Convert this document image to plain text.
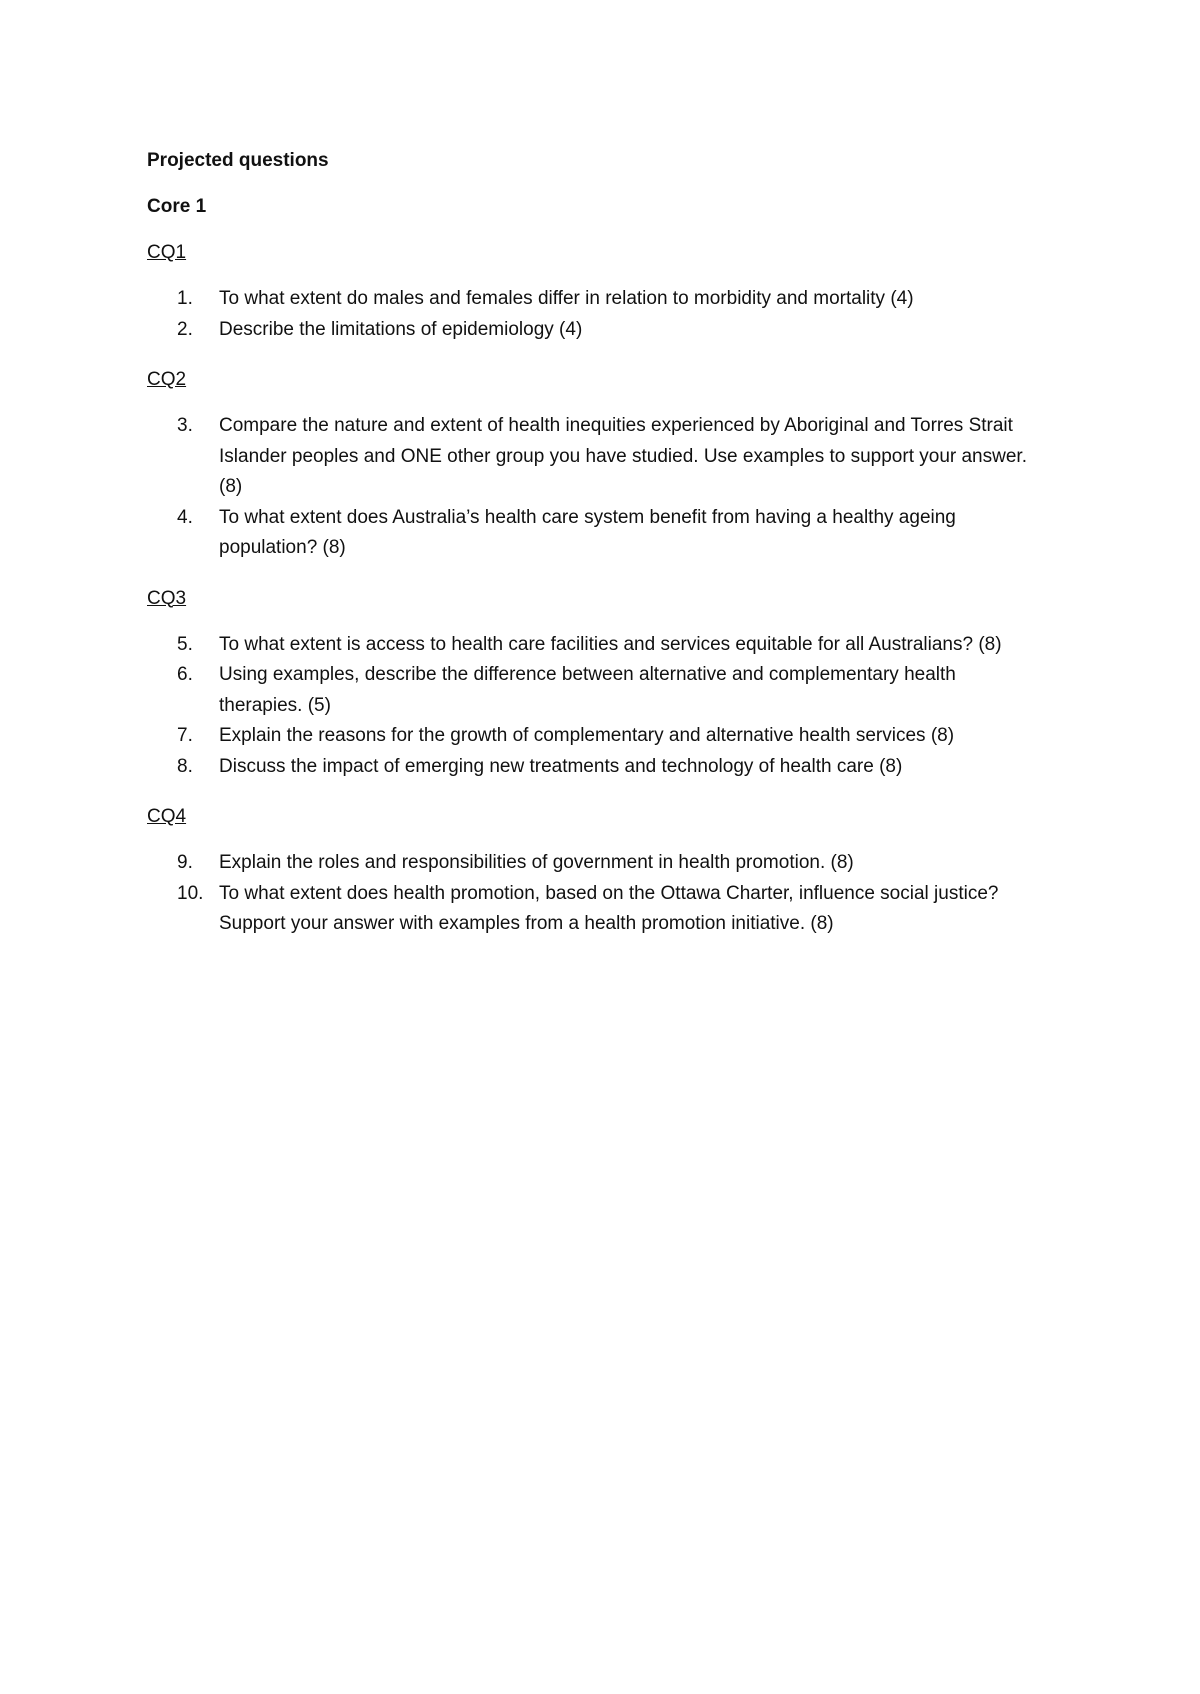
Projected questions
Core 1
CQ1
1.	To what extent do males and females differ in relation to morbidity and mortality (4)
2.	Describe the limitations of epidemiology (4)
CQ2
3.	Compare the nature and extent of health inequities experienced by Aboriginal and Torres Strait Islander peoples and ONE other group you have studied. Use examples to support your answer. (8)
4.	To what extent does Australia’s health care system benefit from having a healthy ageing population? (8)
CQ3
5.	To what extent is access to health care facilities and services equitable for all Australians? (8)
6.	Using examples, describe the difference between alternative and complementary health therapies. (5)
7.	Explain the reasons for the growth of complementary and alternative health services (8)
8.	Discuss the impact of emerging new treatments and technology of health care (8)
CQ4
9.	Explain the roles and responsibilities of government in health promotion. (8)
10. To what extent does health promotion, based on the Ottawa Charter, influence social justice? Support your answer with examples from a health promotion initiative. (8)
